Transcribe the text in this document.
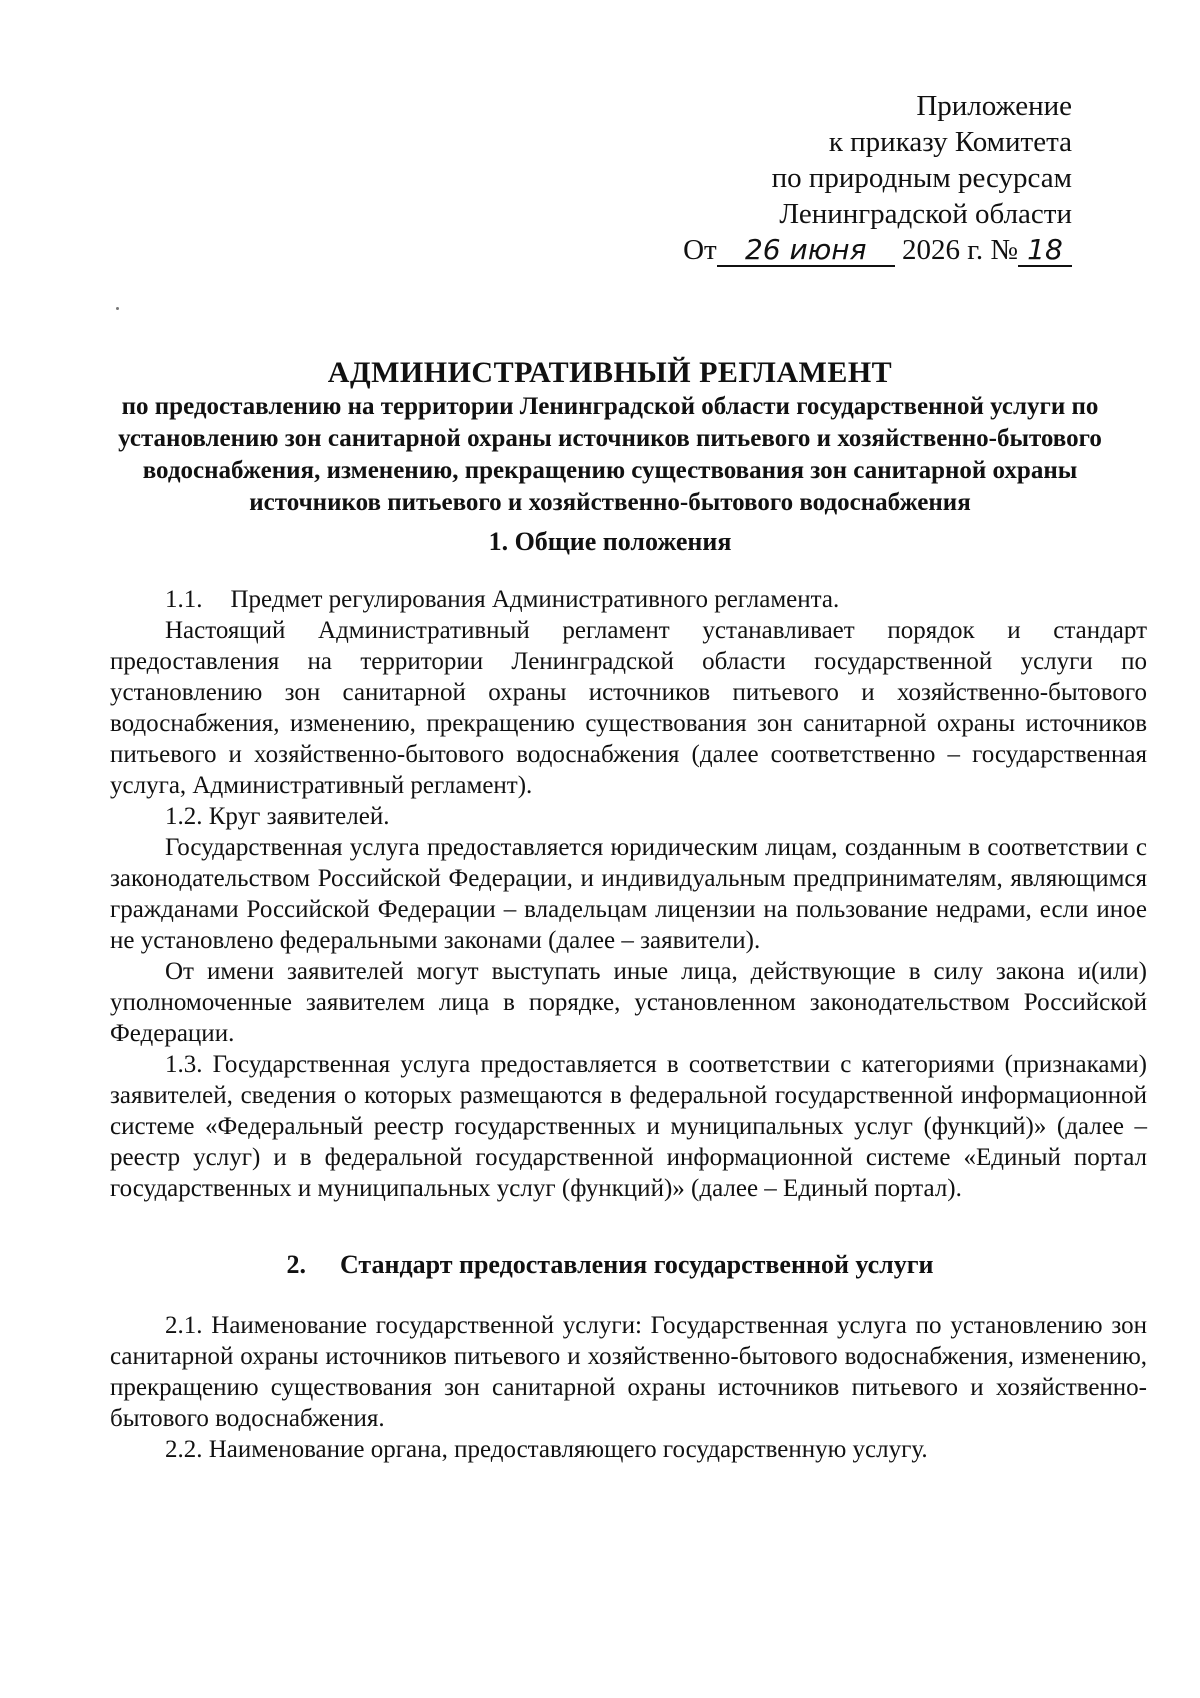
Приложение
к приказу Комитета
по природным ресурсам
Ленинградской области
От 26 июня 2026 г. № 18
АДМИНИСТРАТИВНЫЙ РЕГЛАМЕНТ
по предоставлению на территории Ленинградской области государственной услуги по установлению зон санитарной охраны источников питьевого и хозяйственно-бытового водоснабжения, изменению, прекращению существования зон санитарной охраны источников питьевого и хозяйственно-бытового водоснабжения
1. Общие положения

1.1. Предмет регулирования Административного регламента.

Настоящий Административный регламент устанавливает порядок и стандарт предоставления на территории Ленинградской области государственной услуги по установлению зон санитарной охраны источников питьевого и хозяйственно-бытового водоснабжения, изменению, прекращению существования зон санитарной охраны источников питьевого и хозяйственно-бытового водоснабжения (далее соответственно – государственная услуга, Административный регламент).

1.2. Круг заявителей.

Государственная услуга предоставляется юридическим лицам, созданным в соответствии с законодательством Российской Федерации, и индивидуальным предпринимателям, являющимся гражданами Российской Федерации – владельцам лицензии на пользование недрами, если иное не установлено федеральными законами (далее – заявители).

От имени заявителей могут выступать иные лица, действующие в силу закона и(или) уполномоченные заявителем лица в порядке, установленном законодательством Российской Федерации.

1.3. Государственная услуга предоставляется в соответствии с категориями (признаками) заявителей, сведения о которых размещаются в федеральной государственной информационной системе «Федеральный реестр государственных и муниципальных услуг (функций)» (далее – реестр услуг) и в федеральной государственной информационной системе «Единый портал государственных и муниципальных услуг (функций)» (далее – Единый портал).

2. Стандарт предоставления государственной услуги

2.1. Наименование государственной услуги: Государственная услуга по установлению зон санитарной охраны источников питьевого и хозяйственно-бытового водоснабжения, изменению, прекращению существования зон санитарной охраны источников питьевого и хозяйственно-бытового водоснабжения.

2.2. Наименование органа, предоставляющего государственную услугу.
